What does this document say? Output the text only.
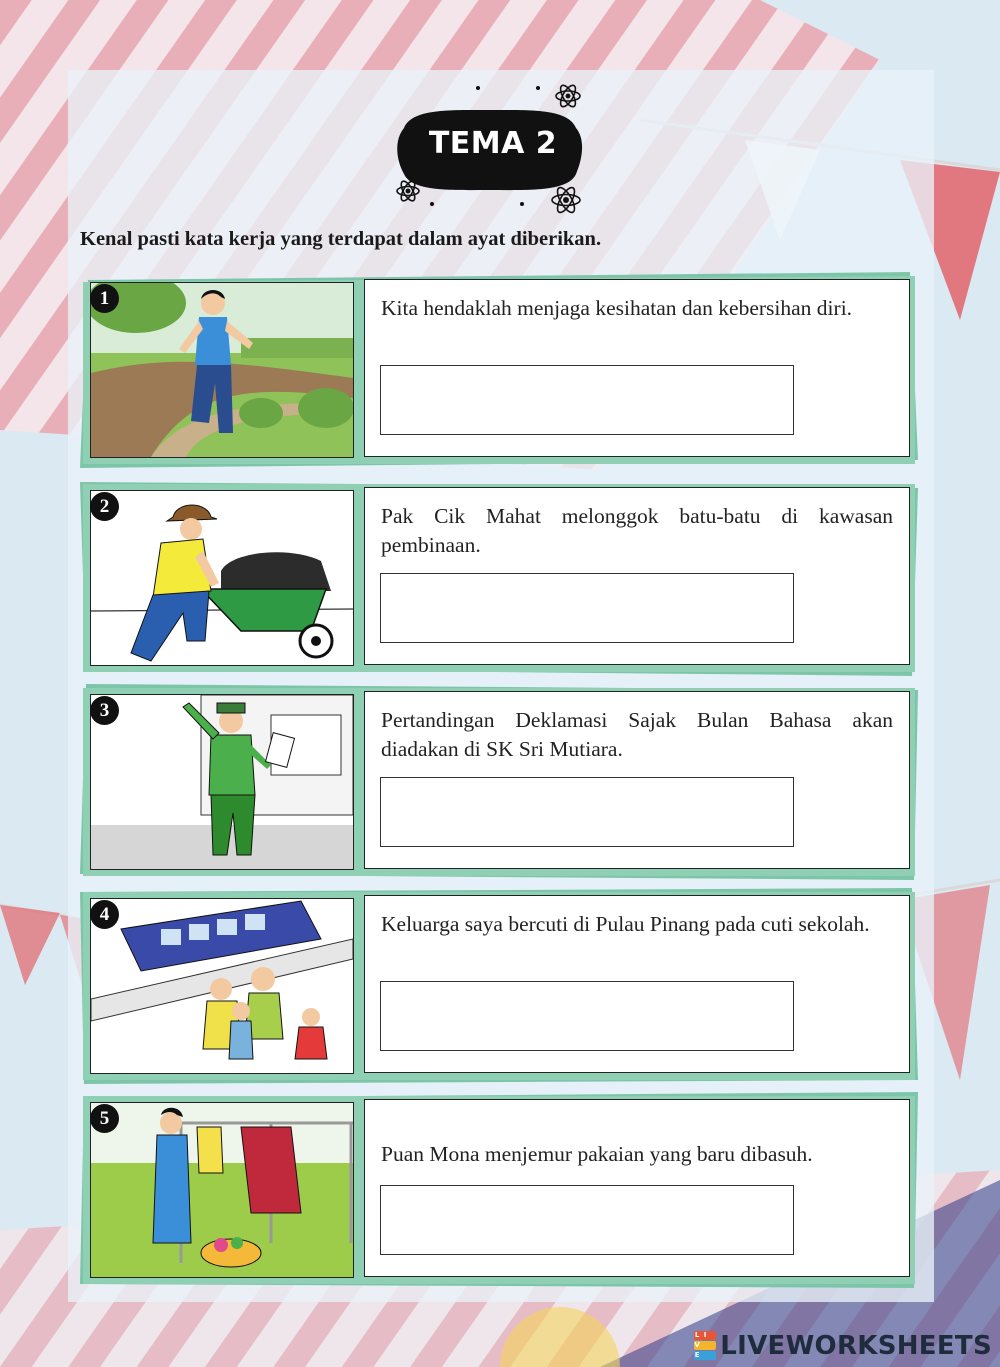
TEMA 2
Kenal pasti kata kerja yang terdapat dalam ayat diberikan.
1	Kita hendaklah menjaga kesihatan dan kebersihan diri.
2	Pak Cik Mahat melonggok batu-batu di kawasan pembinaan.
3	Pertandingan Deklamasi Sajak Bulan Bahasa akan diadakan di SK Sri Mutiara.
4	Keluarga saya bercuti di Pulau Pinang pada cuti sekolah.
5
Puan Mona menjemur pakaian yang baru dibasuh.
L I
V
E LIVEWORKSHEETS
